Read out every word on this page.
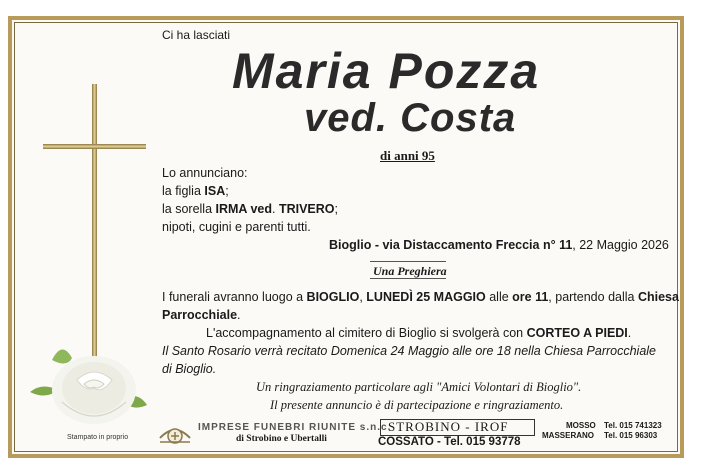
Ci ha lasciati

Maria Pozza

ved. Costa

di anni 95

Lo annunciano:

la figlia ISA;

la sorella IRMA ved. TRIVERO;

nipoti, cugini e parenti tutti.

Bioglio - via Distaccamento Freccia n° 11, 22 Maggio 2026

Una Preghiera

I funerali avranno luogo a BIOGLIO, LUNEDÌ 25 MAGGIO alle ore 11, partendo dalla Chiesa

Parrocchiale.

L'accompagnamento al cimitero di Bioglio si svolgerà con CORTEO A PIEDI.

Il Santo Rosario verrà recitato Domenica 24 Maggio alle ore 18 nella Chiesa Parrocchiale

di Bioglio.

Un ringraziamento particolare agli "Amici Volontari di Bioglio".

Il presente annuncio è di partecipazione e ringraziamento.

Stampato in proprio

IMPRESE FUNEBRI RIUNITE s.n.c.

di Strobino e Ubertalli

STROBINO - IROF

COSSATO - Tel. 015 93778

MOSSO Tel. 015 741323

MASSERANO Tel. 015 96303
